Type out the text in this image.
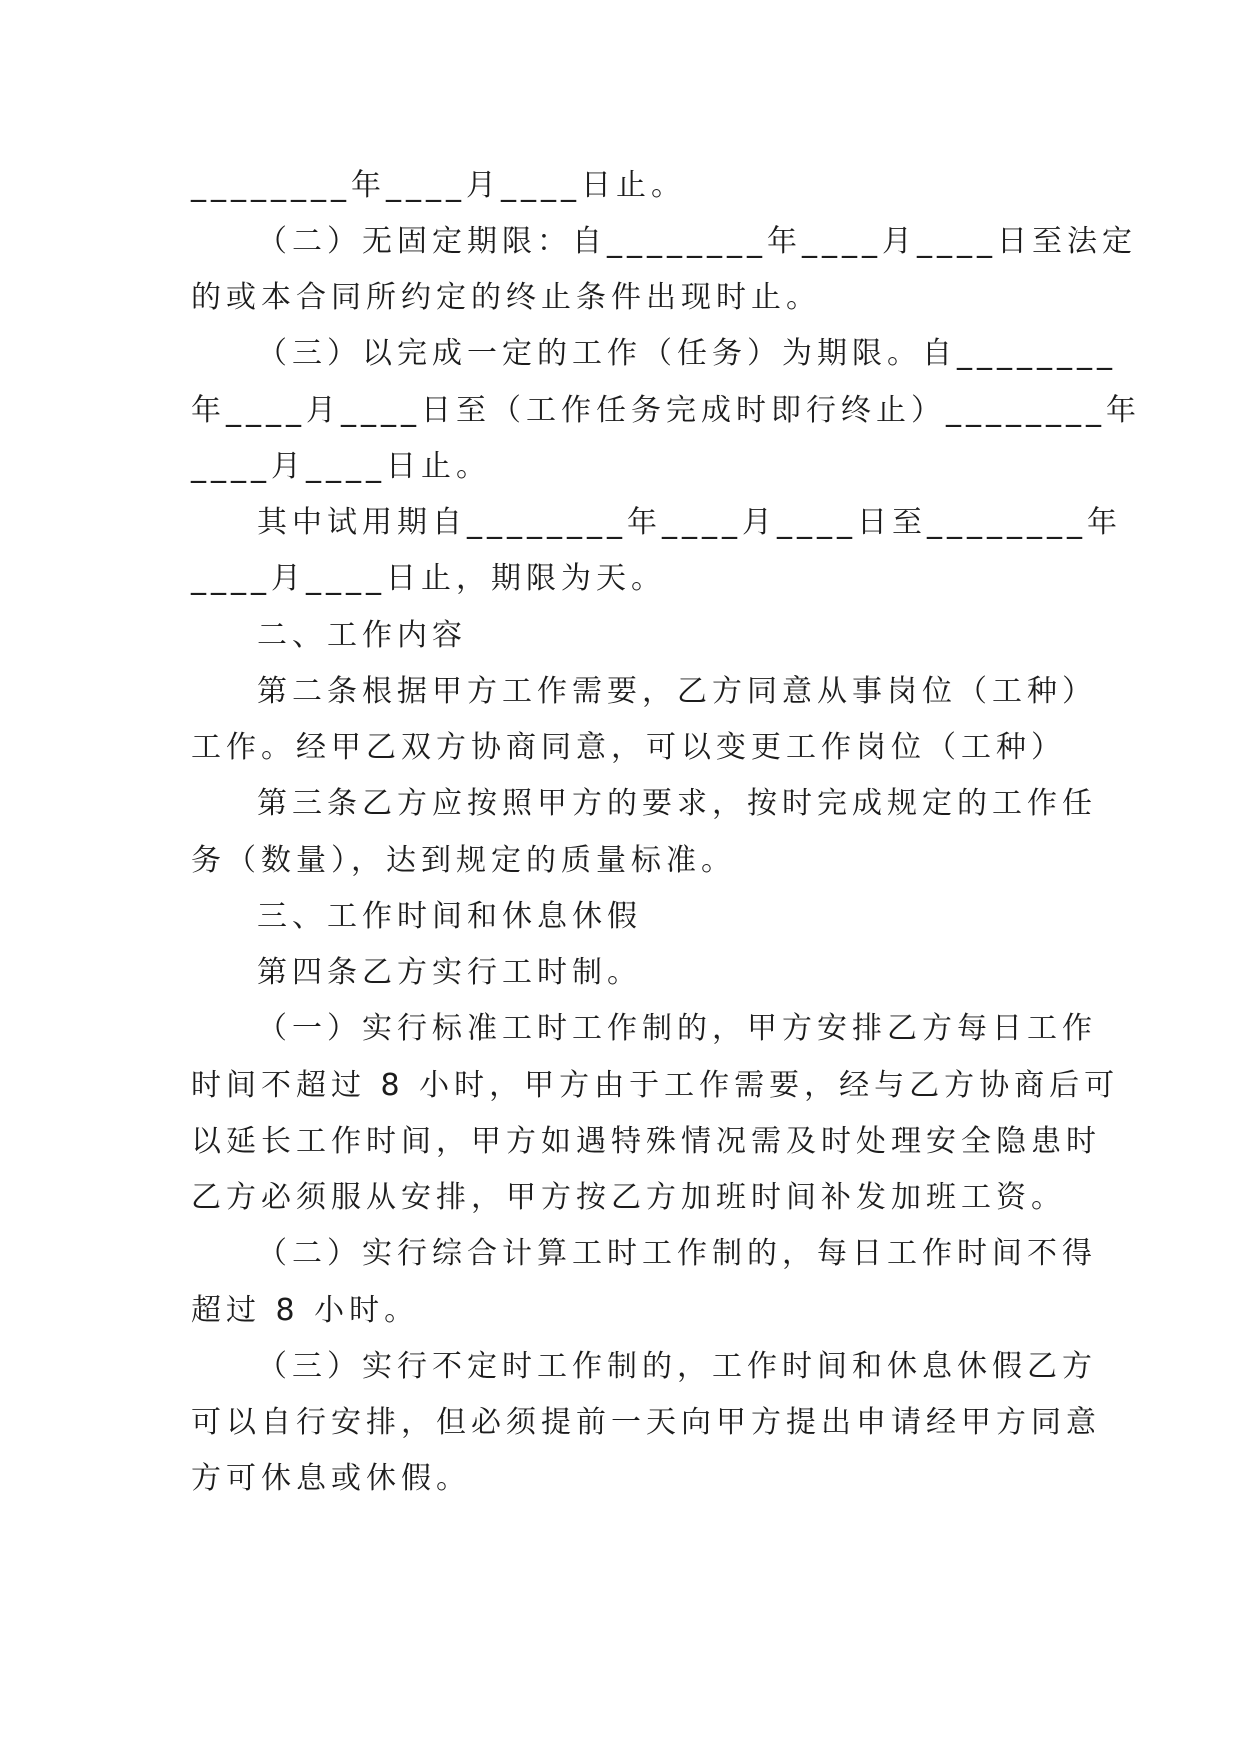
________年____月____日止。
（二）无固定期限：自________年____月____日至法定
的或本合同所约定的终止条件出现时止。
（三）以完成一定的工作（任务）为期限。自________
年____月____日至（工作任务完成时即行终止）________年
____月____日止。
其中试用期自________年____月____日至________年
____月____日止，期限为天。
二、工作内容
第二条根据甲方工作需要，乙方同意从事岗位（工种）
工作。经甲乙双方协商同意，可以变更工作岗位（工种）
第三条乙方应按照甲方的要求，按时完成规定的工作任
务（数量），达到规定的质量标准。
三、工作时间和休息休假
第四条乙方实行工时制。
（一）实行标准工时工作制的，甲方安排乙方每日工作
时间不超过 8 小时，甲方由于工作需要，经与乙方协商后可
以延长工作时间，甲方如遇特殊情况需及时处理安全隐患时
乙方必须服从安排，甲方按乙方加班时间补发加班工资。
（二）实行综合计算工时工作制的，每日工作时间不得
超过 8 小时。
（三）实行不定时工作制的，工作时间和休息休假乙方
可以自行安排，但必须提前一天向甲方提出申请经甲方同意
方可休息或休假。
